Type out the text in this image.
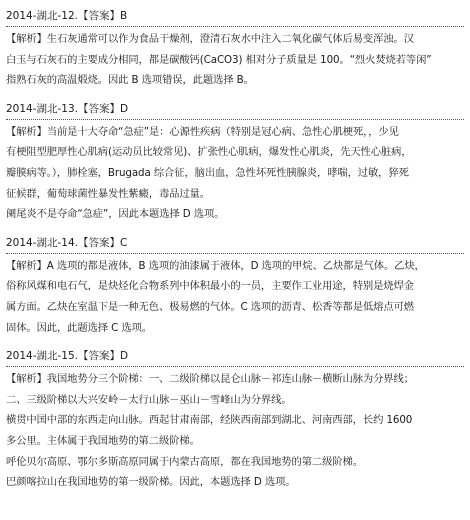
2014-湖北-12.【答案】B
【解析】生石灰通常可以作为食品干燥剂，澄清石灰水中注入二氧化碳气体后易变浑浊。汉
白玉与石灰石的主要成分相同，都是碳酸钙(CaCO3) 相对分子质量是 100。“烈火焚烧若等闲”
指熟石灰的高温煅烧。因此 B 选项错误，此题选择 B。
2014-湖北-13.【答案】D
【解析】当前是十大夺命“急症”是：心源性疾病（特别是冠心病、急性心肌梗死，，少见
有梗阻型肥厚性心肌病(运动员比较常见)、扩张性心肌病，爆发性心肌炎，先天性心脏病，
瓣膜病等。），肺栓塞，Brugada 综合征，脑出血，急性坏死性胰腺炎，哮喘，过敏，猝死
征候群，葡萄球菌性暴发性紫癜，毒品过量。
阑尾炎不是夺命“急症”，因此本题选择 D 选项。
2014-湖北-14.【答案】C
【解析】A 选项的都是液体，B 选项的油漆属于液体，D 选项的甲烷、乙炔都是气体。乙炔，
俗称风煤和电石气，是炔烃化合物系列中体积最小的一员，主要作工业用途，特别是烧焊金
属方面。乙炔在室温下是一种无色、极易燃的气体。C 选项的沥青、松香等都是低熔点可燃
固体。因此，此题选择 C 选项。
2014-湖北-15.【答案】D
【解析】我国地势分三个阶梯：一、二级阶梯以昆仑山脉－祁连山脉－横断山脉为分界线；
二、三级阶梯以大兴安岭－太行山脉－巫山－雪峰山为分界线。
横贯中国中部的东西走向山脉。西起甘肃南部，经陕西南部到湖北、河南西部，长约 1600
多公里。主体属于我国地势的第二级阶梯。
呼伦贝尔高原、鄂尔多斯高原同属于内蒙古高原，都在我国地势的第二级阶梯。
巴颜喀拉山在我国地势的第一级阶梯。因此，本题选择 D 选项。
